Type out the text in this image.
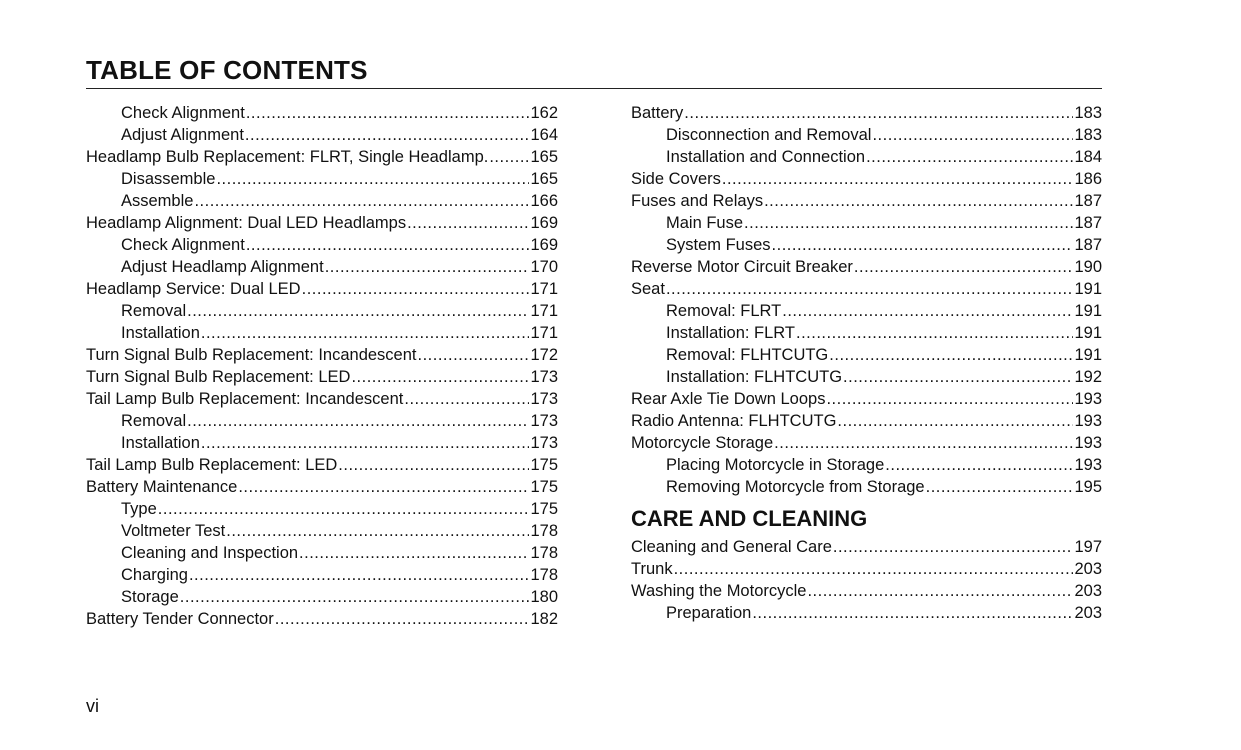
TABLE OF CONTENTS
Check Alignment .....	162
Adjust Alignment .....	164
Headlamp Bulb Replacement: FLRT, Single Headlamp. .....	165
Disassemble .....	165
Assemble .....	166
Headlamp Alignment: Dual LED Headlamps .....	169
Check Alignment .....	169
Adjust Headlamp Alignment .....	170
Headlamp Service: Dual LED .....	171
Removal .....	171
Installation .....	171
Turn Signal Bulb Replacement: Incandescent .....	172
Turn Signal Bulb Replacement: LED .....	173
Tail Lamp Bulb Replacement: Incandescent .....	173
Removal .....	173
Installation .....	173
Tail Lamp Bulb Replacement: LED .....	175
Battery Maintenance .....	175
Type .....	175
Voltmeter Test .....	178
Cleaning and Inspection .....	178
Charging .....	178
Storage .....	180
Battery Tender Connector .....	182
Battery .....	183
Disconnection and Removal .....	183
Installation and Connection .....	184
Side Covers .....	186
Fuses and Relays .....	187
Main Fuse .....	187
System Fuses .....	187
Reverse Motor Circuit Breaker .....	190
Seat .....	191
Removal: FLRT .....	191
Installation: FLRT .....	191
Removal: FLHTCUTG .....	191
Installation: FLHTCUTG .....	192
Rear Axle Tie Down Loops .....	193
Radio Antenna: FLHTCUTG .....	193
Motorcycle Storage .....	193
Placing Motorcycle in Storage .....	193
Removing Motorcycle from Storage .....	195
CARE AND CLEANING
Cleaning and General Care .....	197
Trunk .....	203
Washing the Motorcycle .....	203
Preparation .....	203
vi
